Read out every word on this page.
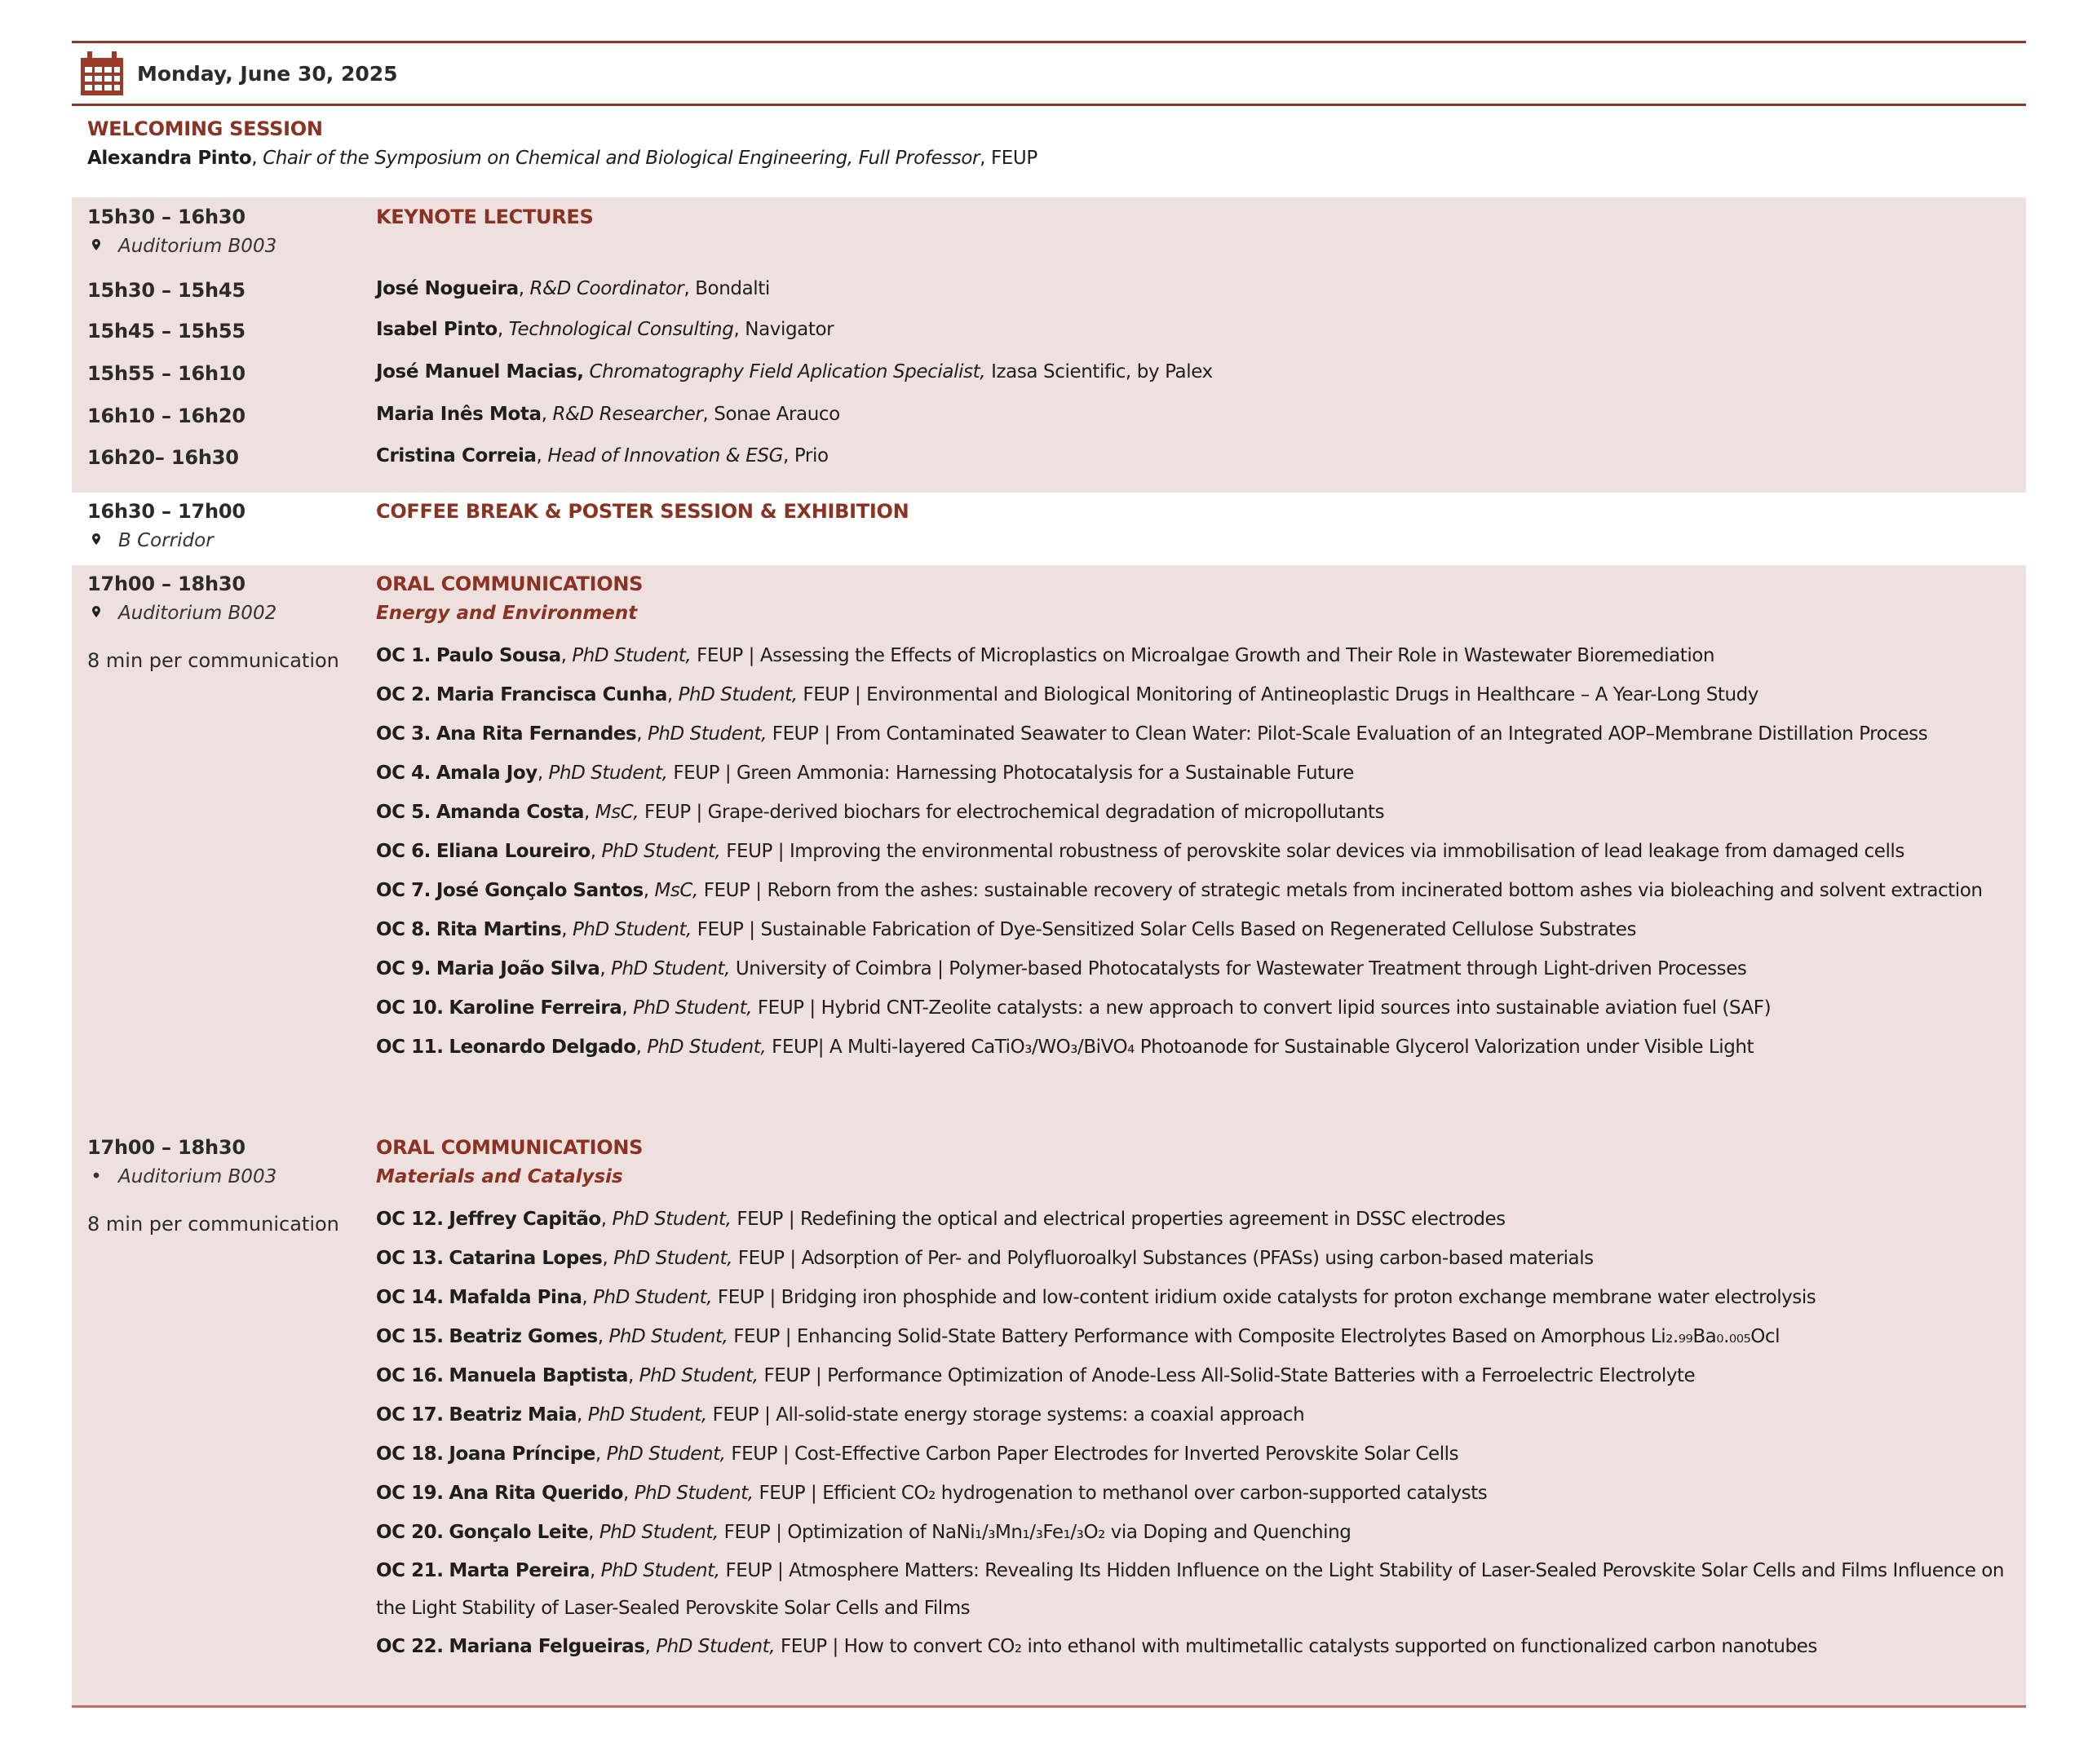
Monday, June 30, 2025
WELCOMING SESSION
Alexandra Pinto, Chair of the Symposium on Chemical and Biological Engineering, Full Professor, FEUP
15h30 – 16h30
Auditorium B003
KEYNOTE LECTURES
15h30 – 15h45	José Nogueira, R&D Coordinator, Bondalti
15h45 – 15h55	Isabel Pinto, Technological Consulting, Navigator
15h55 – 16h10	José Manuel Macias, Chromatography Field Aplication Specialist, Izasa Scientific, by Palex
16h10 – 16h20	Maria Inês Mota, R&D Researcher, Sonae Arauco
16h20– 16h30	Cristina Correia, Head of Innovation & ESG, Prio
16h30 – 17h00
B Corridor
COFFEE BREAK & POSTER SESSION & EXHIBITION
17h00 – 18h30
Auditorium B002
8 min per communication
ORAL COMMUNICATIONS
Energy and Environment
OC 1. Paulo Sousa, PhD Student, FEUP | Assessing the Effects of Microplastics on Microalgae Growth and Their Role in Wastewater Bioremediation
OC 2. Maria Francisca Cunha, PhD Student, FEUP | Environmental and Biological Monitoring of Antineoplastic Drugs in Healthcare – A Year-Long Study
OC 3. Ana Rita Fernandes, PhD Student, FEUP | From Contaminated Seawater to Clean Water: Pilot-Scale Evaluation of an Integrated AOP–Membrane Distillation Process
OC 4. Amala Joy, PhD Student, FEUP | Green Ammonia: Harnessing Photocatalysis for a Sustainable Future
OC 5. Amanda Costa, MsC, FEUP | Grape-derived biochars for electrochemical degradation of micropollutants
OC 6. Eliana Loureiro, PhD Student, FEUP | Improving the environmental robustness of perovskite solar devices via immobilisation of lead leakage from damaged cells
OC 7. José Gonçalo Santos, MsC, FEUP | Reborn from the ashes: sustainable recovery of strategic metals from incinerated bottom ashes via bioleaching and solvent extraction
OC 8. Rita Martins, PhD Student, FEUP | Sustainable Fabrication of Dye-Sensitized Solar Cells Based on Regenerated Cellulose Substrates
OC 9. Maria João Silva, PhD Student, University of Coimbra | Polymer-based Photocatalysts for Wastewater Treatment through Light-driven Processes
OC 10. Karoline Ferreira, PhD Student, FEUP | Hybrid CNT-Zeolite catalysts: a new approach to convert lipid sources into sustainable aviation fuel (SAF)
OC 11. Leonardo Delgado, PhD Student, FEUP| A Multi-layered CaTiO₃/WO₃/BiVO₄ Photoanode for Sustainable Glycerol Valorization under Visible Light
17h00 – 18h30
• Auditorium B003
8 min per communication
ORAL COMMUNICATIONS
Materials and Catalysis
OC 12. Jeffrey Capitão, PhD Student, FEUP | Redefining the optical and electrical properties agreement in DSSC electrodes
OC 13. Catarina Lopes, PhD Student, FEUP | Adsorption of Per- and Polyfluoroalkyl Substances (PFASs) using carbon-based materials
OC 14. Mafalda Pina, PhD Student, FEUP | Bridging iron phosphide and low-content iridium oxide catalysts for proton exchange membrane water electrolysis
OC 15. Beatriz Gomes, PhD Student, FEUP | Enhancing Solid-State Battery Performance with Composite Electrolytes Based on Amorphous Li₂.₉₉Ba₀.₀₀₅Ocl
OC 16. Manuela Baptista, PhD Student, FEUP | Performance Optimization of Anode-Less All-Solid-State Batteries with a Ferroelectric Electrolyte
OC 17. Beatriz Maia, PhD Student, FEUP | All-solid-state energy storage systems: a coaxial approach
OC 18. Joana Príncipe, PhD Student, FEUP | Cost-Effective Carbon Paper Electrodes for Inverted Perovskite Solar Cells
OC 19. Ana Rita Querido, PhD Student, FEUP | Efficient CO₂ hydrogenation to methanol over carbon-supported catalysts
OC 20. Gonçalo Leite, PhD Student, FEUP | Optimization of NaNi₁/₃Mn₁/₃Fe₁/₃O₂ via Doping and Quenching
OC 21. Marta Pereira, PhD Student, FEUP | Atmosphere Matters: Revealing Its Hidden Influence on the Light Stability of Laser-Sealed Perovskite Solar Cells and Films Influence on the Light Stability of Laser-Sealed Perovskite Solar Cells and Films
OC 22. Mariana Felgueiras, PhD Student, FEUP | How to convert CO₂ into ethanol with multimetallic catalysts supported on functionalized carbon nanotubes
